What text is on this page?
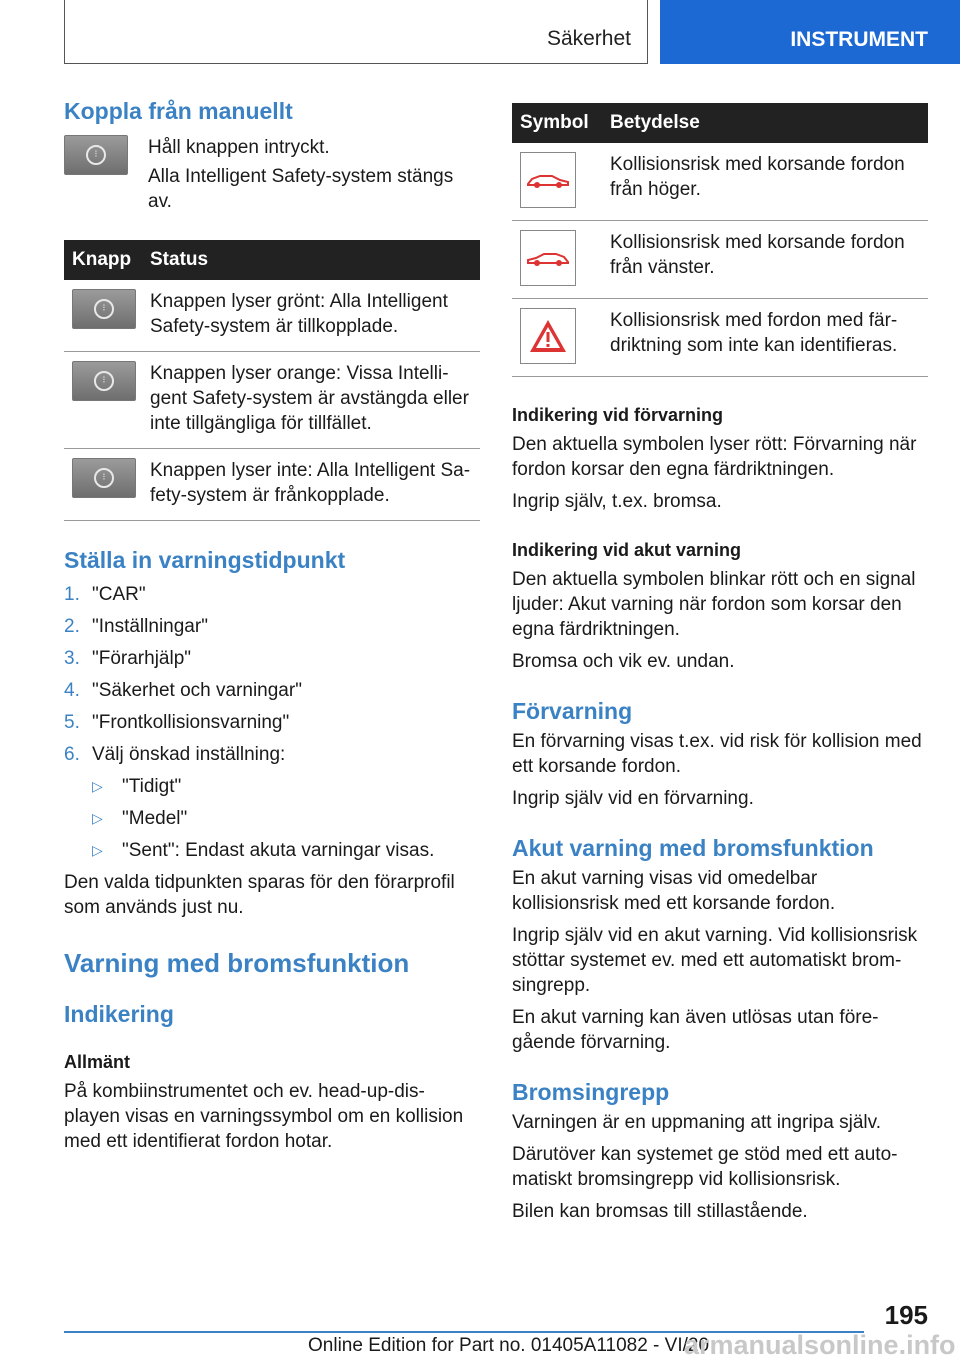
Säkerhet	INSTRUMENT
Koppla från manuellt
⁝	Håll knappen intryckt.

Alla Intelligent Safety-system stängs av.

Knapp	Status

⁝	Knappen lyser grönt: Alla Intelligent Safety-system är tillkopplade.

⁝	Knappen lyser orange: Vissa Intelli-gent Safety-system är avstängda eller inte tillgängliga för tillfället.

⁝	Knappen lyser inte: Alla Intelligent Sa-fety-system är frånkopplade.
Ställa in varningstidpunkt
1. "CAR"
2. "Inställningar"
3. "Förarhjälp"
4. "Säkerhet och varningar"
5. "Frontkollisionsvarning"
6. Välj önskad inställning:
▷ "Tidigt"
▷ "Medel"
▷ "Sent": Endast akuta varningar visas.

Den valda tidpunkten sparas för den förarprofil som används just nu.

Varning med bromsfunktion
Indikering
Allmänt

På kombiinstrumentet och ev. head-up-dis-playen visas en varningssymbol om en kollision med ett identifierat fordon hotar.

Symbol	Betydelse

	Kollisionsrisk med korsande fordon från höger.

	Kollisionsrisk med korsande fordon från vänster.

	Kollisionsrisk med fordon med fär-driktning som inte kan identifieras.
Indikering vid förvarning

Den aktuella symbolen lyser rött: Förvarning när fordon korsar den egna färdriktningen.

Ingrip själv, t.ex. bromsa.

Indikering vid akut varning

Den aktuella symbolen blinkar rött och en signal ljuder: Akut varning när fordon som korsar den egna färdriktningen.

Bromsa och vik ev. undan.

Förvarning

En förvarning visas t.ex. vid risk för kollision med ett korsande fordon.

Ingrip själv vid en förvarning.

Akut varning med bromsfunktion

En akut varning visas vid omedelbar kollisionsrisk med ett korsande fordon.

Ingrip själv vid en akut varning. Vid kollisionsrisk stöttar systemet ev. med ett automatiskt brom-singrepp.

En akut varning kan även utlösas utan före-gående förvarning.

Bromsingrepp

Varningen är en uppmaning att ingripa själv.

Därutöver kan systemet ge stöd med ett auto-matiskt bromsingrepp vid kollisionsrisk.

Bilen kan bromsas till stillastående.

195
Online Edition for Part no. 01405A11082 - VI/20
armanualsonline.info
